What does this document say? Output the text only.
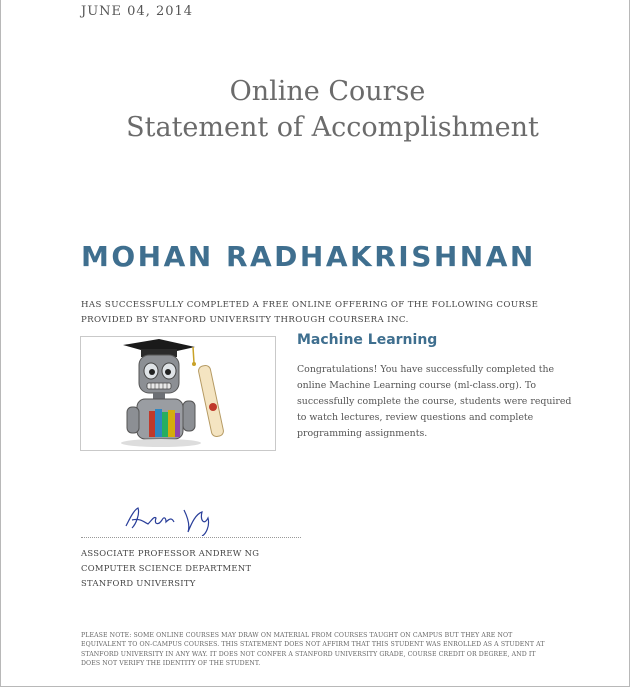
JUNE 04, 2014
Online Course
Statement of Accomplishment
MOHAN RADHAKRISHNAN
HAS SUCCESSFULLY COMPLETED A FREE ONLINE OFFERING OF THE FOLLOWING COURSE
PROVIDED BY STANFORD UNIVERSITY THROUGH COURSERA INC.
Machine Learning
Congratulations! You have successfully completed the online Machine Learning course (ml-class.org). To successfully complete the course, students were required to watch lectures, review questions and complete programming assignments.
ASSOCIATE PROFESSOR ANDREW NG
COMPUTER SCIENCE DEPARTMENT
STANFORD UNIVERSITY
PLEASE NOTE: SOME ONLINE COURSES MAY DRAW ON MATERIAL FROM COURSES TAUGHT ON CAMPUS BUT THEY ARE NOT EQUIVALENT TO ON-CAMPUS COURSES. THIS STATEMENT DOES NOT AFFIRM THAT THIS STUDENT WAS ENROLLED AS A STUDENT AT STANFORD UNIVERSITY IN ANY WAY. IT DOES NOT CONFER A STANFORD UNIVERSITY GRADE, COURSE CREDIT OR DEGREE, AND IT DOES NOT VERIFY THE IDENTITY OF THE STUDENT.
